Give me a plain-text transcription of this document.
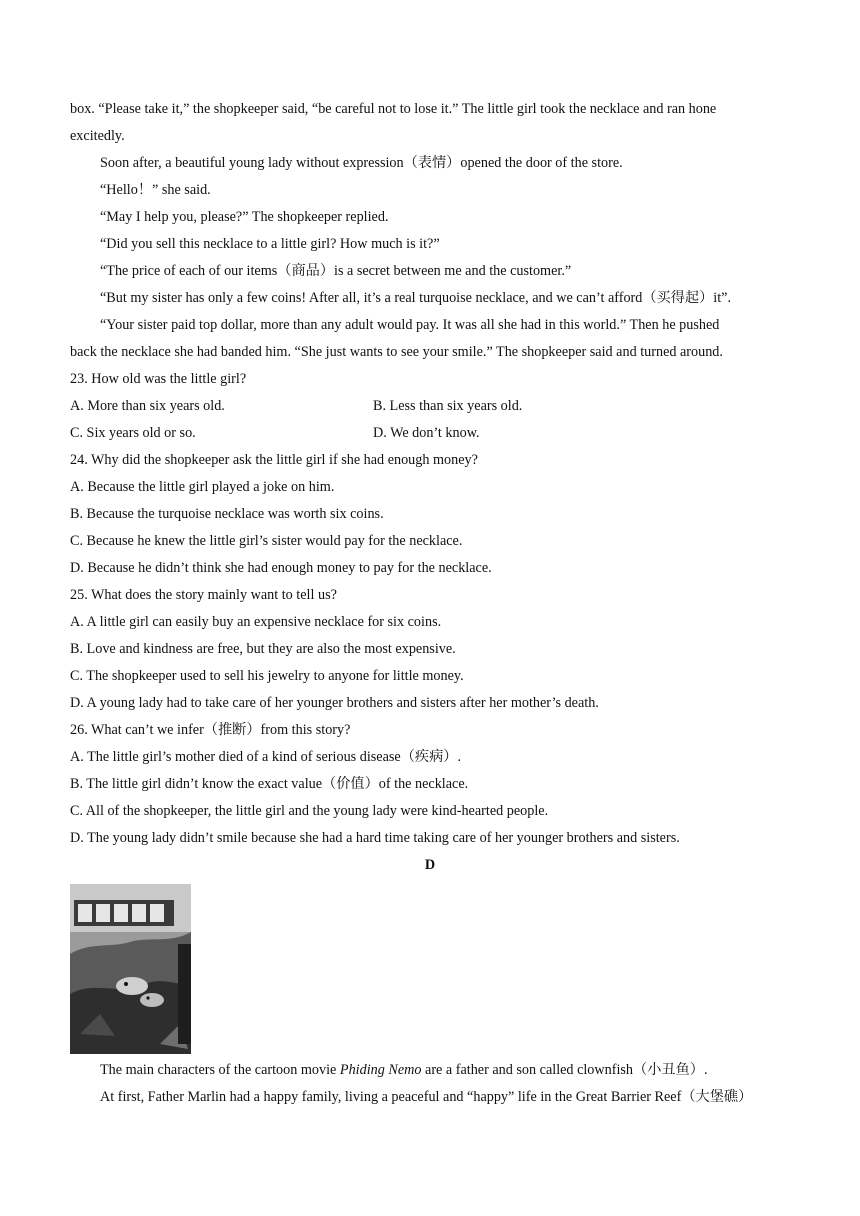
box. “Please take it,” the shopkeeper said, “be careful not to lose it.” The little girl took the necklace and ran hone
excitedly.
Soon after, a beautiful young lady without expression（表情）opened the door of the store.
“Hello！” she said.
“May I help you, please?” The shopkeeper replied.
“Did you sell this necklace to a little girl? How much is it?”
“The price of each of our items（商品）is a secret between me and the customer.”
“But my sister has only a few coins! After all, it’s a real turquoise necklace, and we can’t afford（买得起）it”.
“Your sister paid top dollar, more than any adult would pay. It was all she had in this world.” Then he pushed
back the necklace she had banded him. “She just wants to see your smile.” The shopkeeper said and turned around.
23. How old was the little girl?
A. More than six years old.	B. Less than six years old.
C. Six years old or so.	D. We don’t know.
24. Why did the shopkeeper ask the little girl if she had enough money?
A. Because the little girl played a joke on him.
B. Because the turquoise necklace was worth six coins.
C. Because he knew the little girl’s sister would pay for the necklace.
D. Because he didn’t think she had enough money to pay for the necklace.
25. What does the story mainly want to tell us?
A. A little girl can easily buy an expensive necklace for six coins.
B. Love and kindness are free, but they are also the most expensive.
C. The shopkeeper used to sell his jewelry to anyone for little money.
D. A young lady had to take care of her younger brothers and sisters after her mother’s death.
26. What can’t we infer（推断）from this story?
A. The little girl’s mother died of a kind of serious disease（疾病）.
B. The little girl didn’t know the exact value（价值）of the necklace.
C. All of the shopkeeper, the little girl and the young lady were kind-hearted people.
D. The young lady didn’t smile because she had a hard time taking care of her younger brothers and sisters.
D
The main characters of the cartoon movie Phiding Nemo are a father and son called clownfish（小丑鱼）.
At first, Father Marlin had a happy family, living a peaceful and “happy” life in the Great Barrier Reef（大堡礁）
